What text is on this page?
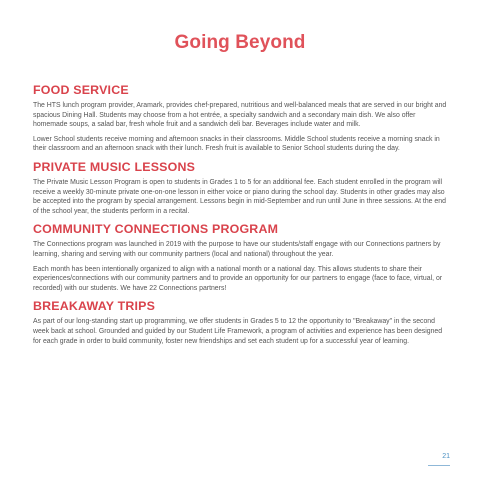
Going Beyond
FOOD SERVICE

The HTS lunch program provider, Aramark, provides chef-prepared, nutritious and well-balanced meals that are served in our bright and spacious Dining Hall. Students may choose from a hot entrée, a specialty sandwich and a secondary main dish. We also offer homemade soups, a salad bar, fresh whole fruit and a sandwich deli bar. Beverages include water and milk.

Lower School students receive morning and afternoon snacks in their classrooms. Middle School students receive a morning snack in their classroom and an afternoon snack with their lunch. Fresh fruit is available to Senior School students during the day.

PRIVATE MUSIC LESSONS

The Private Music Lesson Program is open to students in Grades 1 to 5 for an additional fee. Each student enrolled in the program will receive a weekly 30-minute private one-on-one lesson in either voice or piano during the school day. Students in other grades may also be accepted into the program by special arrangement. Lessons begin in mid-September and run until June in three sessions. At the end of the school year, the students perform in a recital.

COMMUNITY CONNECTIONS PROGRAM

The Connections program was launched in 2019 with the purpose to have our students/staff engage with our Connections partners by learning, sharing and serving with our community partners (local and national) throughout the year.

Each month has been intentionally organized to align with a national month or a national day. This allows students to share their experiences/connections with our community partners and to provide an opportunity for our partners to engage (face to face, virtual, or recorded) with our students. We have 22 Connections partners!

BREAKAWAY TRIPS

As part of our long-standing start up programming, we offer students in Grades 5 to 12 the opportunity to "Breakaway" in the second week back at school. Grounded and guided by our Student Life Framework, a program of activities and experience has been designed for each grade in order to build community, foster new friendships and set each student up for a successful year of learning.

21
